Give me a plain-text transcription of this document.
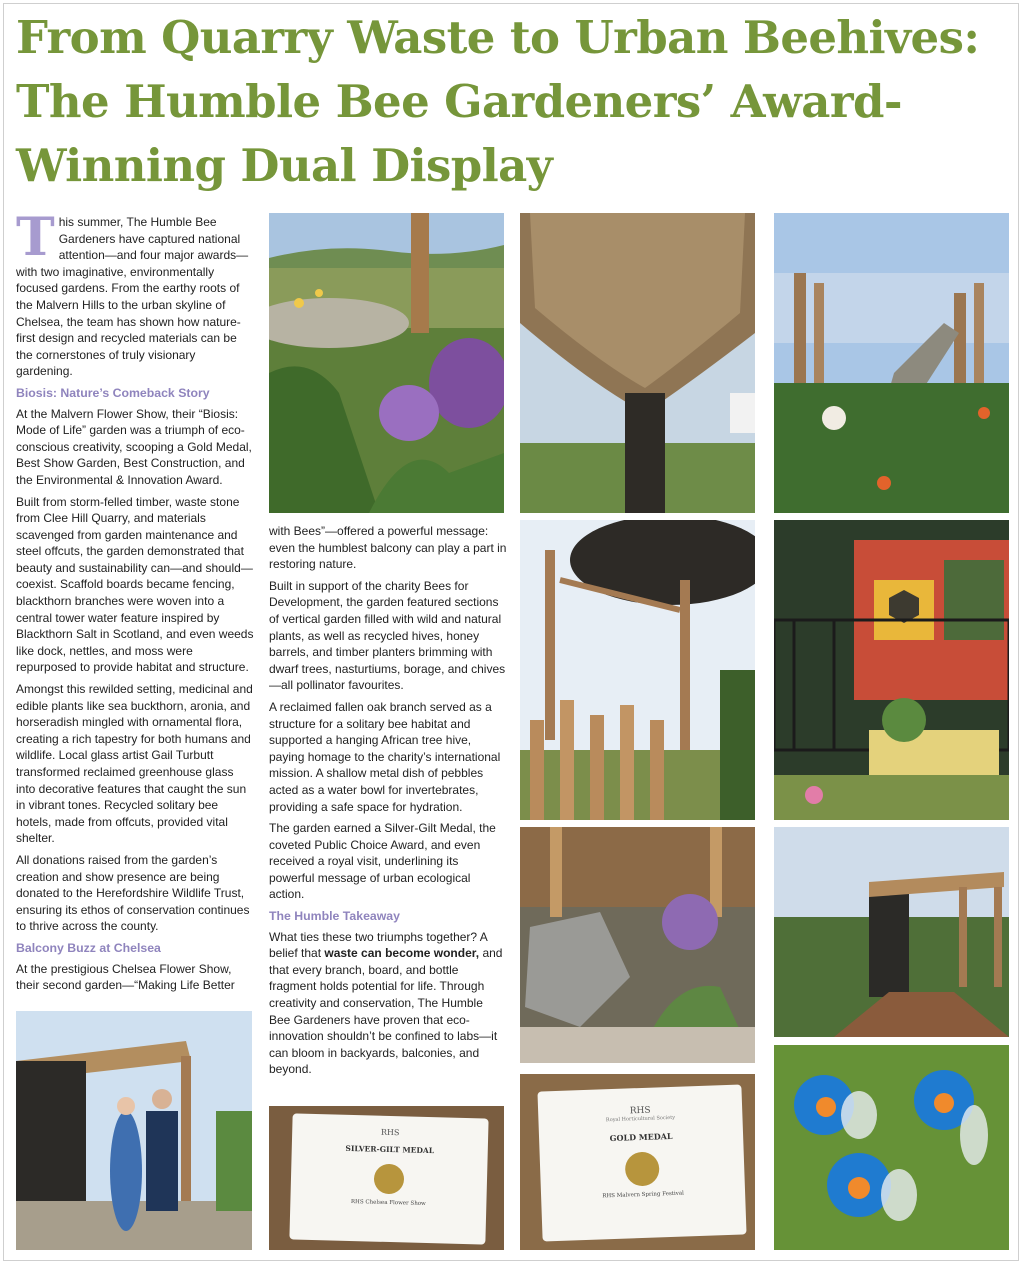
From Quarry Waste to Urban Beehives: The Humble Bee Gardeners’ Award-Winning Dual Display

This summer, The Humble Bee Gardeners have captured national attention—and four major awards—with two imaginative, environmentally focused gardens. From the earthy roots of the Malvern Hills to the urban skyline of Chelsea, the team has shown how nature-first design and recycled materials can be the cornerstones of truly visionary gardening.

Biosis: Nature’s Comeback Story

At the Malvern Flower Show, their “Biosis: Mode of Life” garden was a triumph of eco-conscious creativity, scooping a Gold Medal, Best Show Garden, Best Construction, and the Environmental & Innovation Award.

Built from storm-felled timber, waste stone from Clee Hill Quarry, and materials scavenged from garden maintenance and steel offcuts, the garden demonstrated that beauty and sustainability can—and should—coexist. Scaffold boards became fencing, blackthorn branches were woven into a central tower water feature inspired by Blackthorn Salt in Scotland, and even weeds like dock, nettles, and moss were repurposed to provide habitat and structure.

Amongst this rewilded setting, medicinal and edible plants like sea buckthorn, aronia, and horseradish mingled with ornamental flora, creating a rich tapestry for both humans and wildlife. Local glass artist Gail Turbutt transformed reclaimed greenhouse glass into decorative features that caught the sun in vibrant tones. Recycled solitary bee hotels, made from offcuts, provided vital shelter.

All donations raised from the garden’s creation and show presence are being donated to the Herefordshire Wildlife Trust, ensuring its ethos of conservation continues to thrive across the county.

Balcony Buzz at Chelsea

At the prestigious Chelsea Flower Show, their second garden—“Making Life Better

with Bees”—offered a powerful message: even the humblest balcony can play a part in restoring nature.

Built in support of the charity Bees for Development, the garden featured sections of vertical garden filled with wild and natural plants, as well as recycled hives, honey barrels, and timber planters brimming with dwarf trees, nasturtiums, borage, and chives—all pollinator favourites.

A reclaimed fallen oak branch served as a structure for a solitary bee habitat and supported a hanging African tree hive, paying homage to the charity’s international mission. A shallow metal dish of pebbles acted as a water bowl for invertebrates, providing a safe space for hydration.

The garden earned a Silver-Gilt Medal, the coveted Public Choice Award, and even received a royal visit, underlining its powerful message of urban ecological action.

The Humble Takeaway

What ties these two triumphs together? A belief that waste can become wonder, and that every branch, board, and bottle fragment holds potential for life. Through creativity and conservation, The Humble Bee Gardeners have proven that eco-innovation shouldn’t be confined to labs—it can bloom in backyards, balconies, and beyond.

RHS
SILVER-GILT MEDAL
RHS Chelsea Flower Show
RHS
Royal Horticultural Society
GOLD MEDAL
RHS Malvern Spring Festival
